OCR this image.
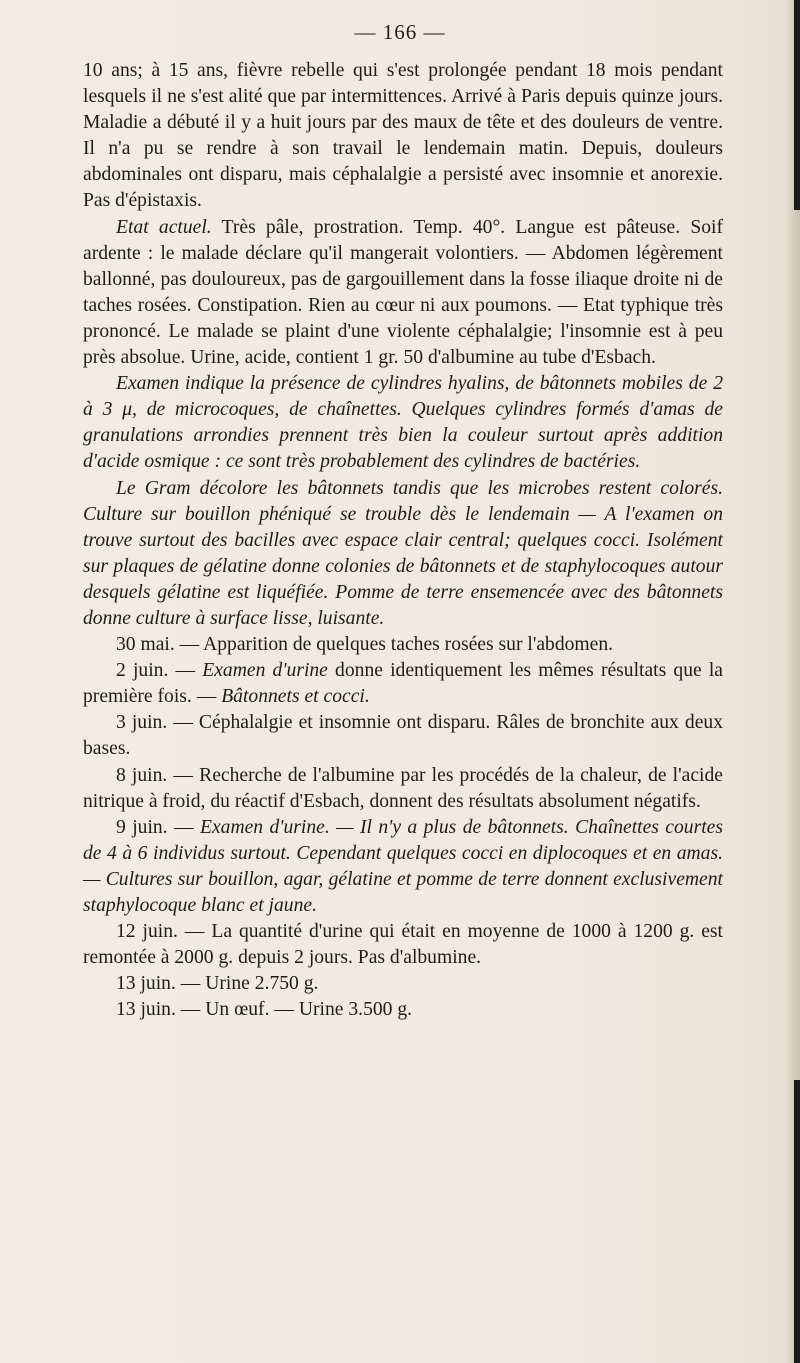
— 166 —

10 ans; à 15 ans, fièvre rebelle qui s'est prolongée pendant 18 mois pendant lesquels il ne s'est alité que par intermittences. Arrivé à Paris depuis quinze jours. Maladie a débuté il y a huit jours par des maux de tête et des douleurs de ventre. Il n'a pu se rendre à son travail le lendemain matin. Depuis, douleurs abdominales ont disparu, mais céphalalgie a persisté avec insomnie et anorexie. Pas d'épistaxis.

Etat actuel. Très pâle, prostration. Temp. 40°. Langue est pâteuse. Soif ardente : le malade déclare qu'il mangerait volontiers. — Abdomen légèrement ballonné, pas douloureux, pas de gargouillement dans la fosse iliaque droite ni de taches rosées. Constipation. Rien au cœur ni aux poumons. — Etat typhique très prononcé. Le malade se plaint d'une violente céphalalgie; l'insomnie est à peu près absolue. Urine, acide, contient 1 gr. 50 d'albumine au tube d'Esbach.

Examen indique la présence de cylindres hyalins, de bâtonnets mobiles de 2 à 3 μ, de microcoques, de chaînettes. Quelques cylindres formés d'amas de granulations arrondies prennent très bien la couleur surtout après addition d'acide osmique : ce sont très probablement des cylindres de bactéries.

Le Gram décolore les bâtonnets tandis que les microbes restent colorés. Culture sur bouillon phéniqué se trouble dès le lendemain — A l'examen on trouve surtout des bacilles avec espace clair central; quelques cocci. Isolément sur plaques de gélatine donne colonies de bâtonnets et de staphylocoques autour desquels gélatine est liquéfiée. Pomme de terre ensemencée avec des bâtonnets donne culture à surface lisse, luisante.

30 mai. — Apparition de quelques taches rosées sur l'abdomen.

2 juin. — Examen d'urine donne identiquement les mêmes résultats que la première fois. — Bâtonnets et cocci.

3 juin. — Céphalalgie et insomnie ont disparu. Râles de bronchite aux deux bases.

8 juin. — Recherche de l'albumine par les procédés de la chaleur, de l'acide nitrique à froid, du réactif d'Esbach, donnent des résultats absolument négatifs.

9 juin. — Examen d'urine. — Il n'y a plus de bâtonnets. Chaînettes courtes de 4 à 6 individus surtout. Cependant quelques cocci en diplocoques et en amas. — Cultures sur bouillon, agar, gélatine et pomme de terre donnent exclusivement staphylocoque blanc et jaune.

12 juin. — La quantité d'urine qui était en moyenne de 1000 à 1200 g. est remontée à 2000 g. depuis 2 jours. Pas d'albumine.

13 juin. — Urine 2.750 g.

13 juin. — Un œuf. — Urine 3.500 g.
